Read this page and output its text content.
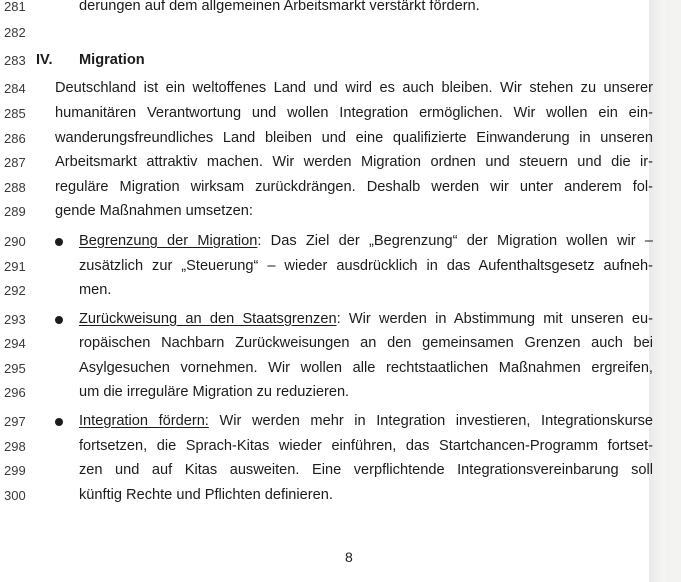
281
282
283
284
285
286
287
288
289
290
291
292
293
294
295
296
297
298
299
300
derungen auf dem allgemeinen Arbeitsmarkt verstärkt fördern.
IV. Migration
Deutschland ist ein weltoffenes Land und wird es auch bleiben. Wir stehen zu unserer
humanitären Verantwortung und wollen Integration ermöglichen. Wir wollen ein ein-
wanderungsfreundliches Land bleiben und eine qualifizierte Einwanderung in unseren
Arbeitsmarkt attraktiv machen. Wir werden Migration ordnen und steuern und die ir-
reguläre Migration wirksam zurückdrängen. Deshalb werden wir unter anderem fol-
gende Maßnahmen umsetzen:
Begrenzung der Migration: Das Ziel der „Begrenzung“ der Migration wollen wir –
zusätzlich zur „Steuerung“ – wieder ausdrücklich in das Aufenthaltsgesetz aufneh-
men.
Zurückweisung an den Staatsgrenzen: Wir werden in Abstimmung mit unseren eu-
ropäischen Nachbarn Zurückweisungen an den gemeinsamen Grenzen auch bei
Asylgesuchen vornehmen. Wir wollen alle rechtstaatlichen Maßnahmen ergreifen,
um die irreguläre Migration zu reduzieren.
Integration fördern: Wir werden mehr in Integration investieren, Integrationskurse
fortsetzen, die Sprach-Kitas wieder einführen, das Startchancen-Programm fortset-
zen und auf Kitas ausweiten. Eine verpflichtende Integrationsvereinbarung soll
künftig Rechte und Pflichten definieren.
8
